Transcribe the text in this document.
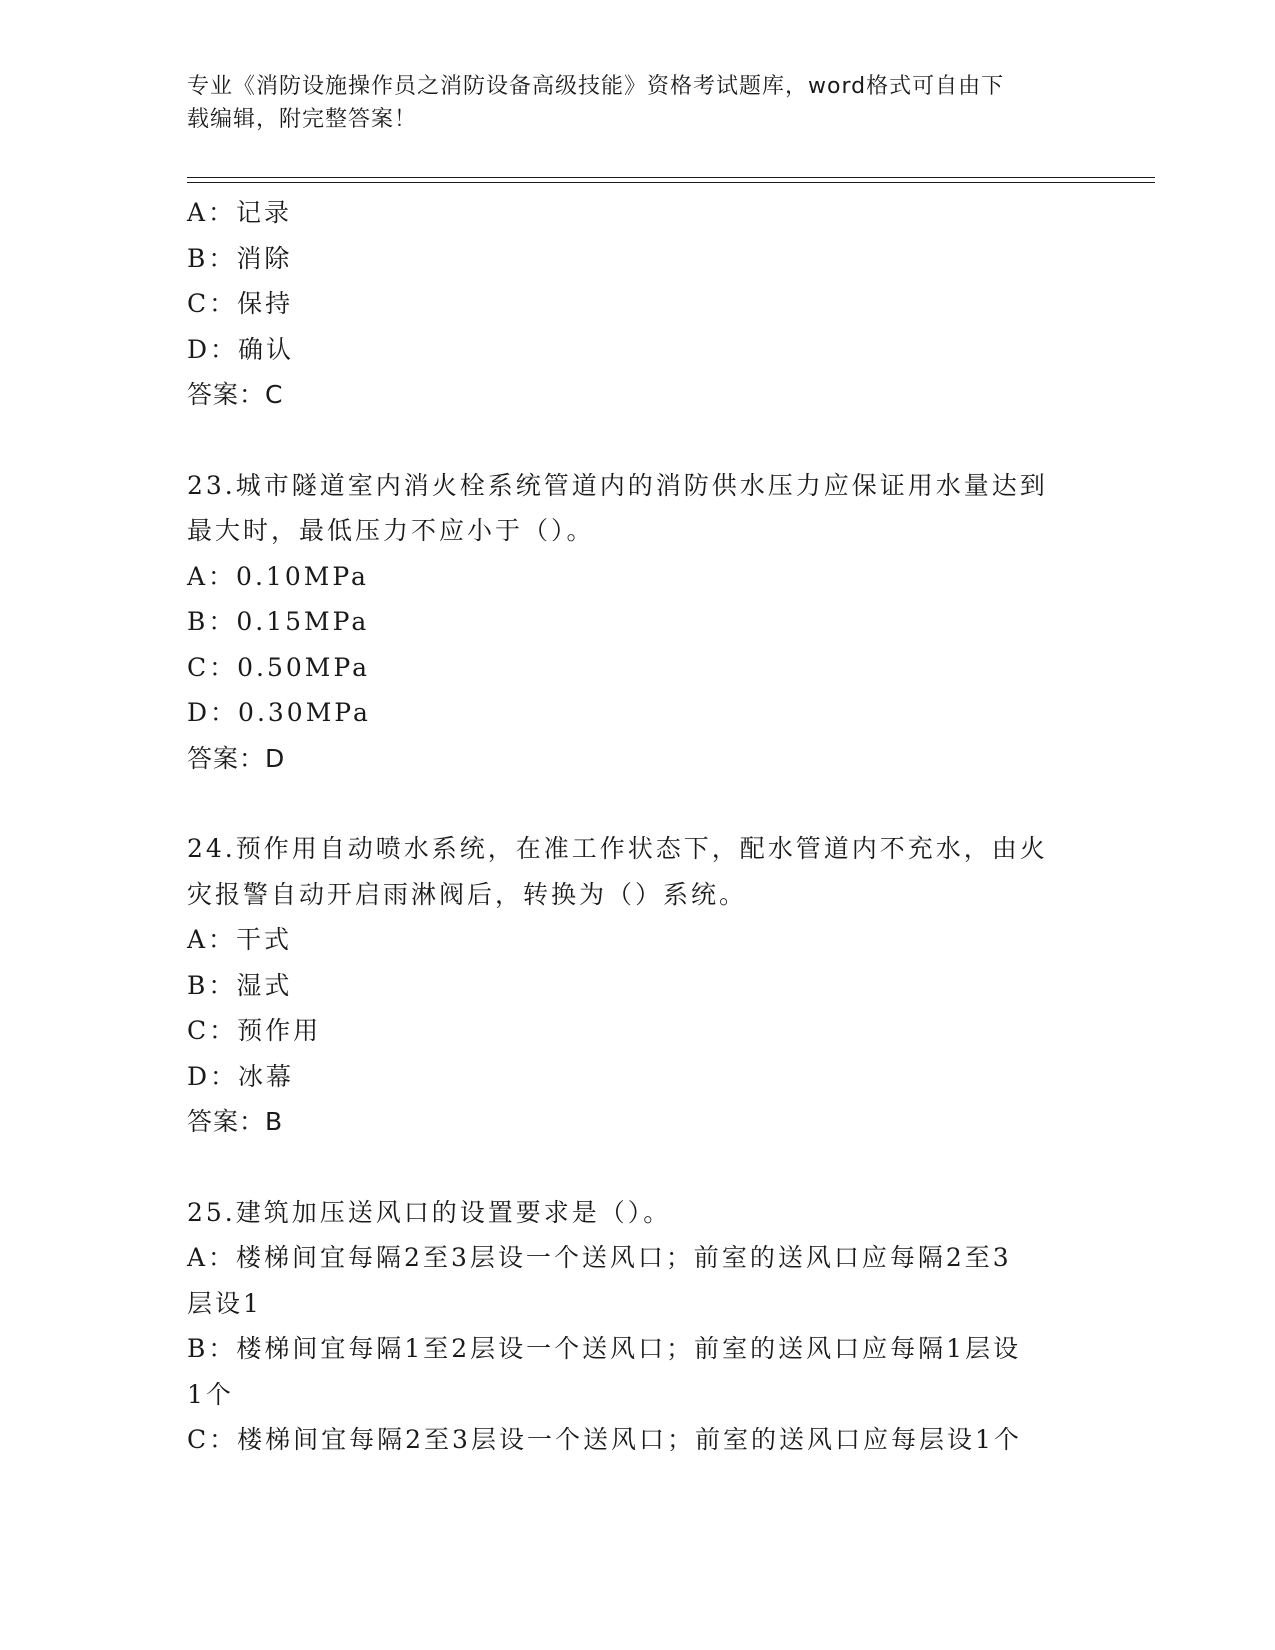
专业《消防设施操作员之消防设备高级技能》资格考试题库，word格式可自由下
载编辑，附完整答案！
A：记录
B：消除
C：保持
D：确认
答案：C
23.城市隧道室内消火栓系统管道内的消防供水压力应保证用水量达到
最大时，最低压力不应小于（）。
A：0.10MPa
B：0.15MPa
C：0.50MPa
D：0.30MPa
答案：D
24.预作用自动喷水系统，在准工作状态下，配水管道内不充水，由火
灾报警自动开启雨淋阀后，转换为（）系统。
A：干式
B：湿式
C：预作用
D：冰幕
答案：B
25.建筑加压送风口的设置要求是（）。
A：楼梯间宜每隔2至3层设一个送风口；前室的送风口应每隔2至3
层设1
B：楼梯间宜每隔1至2层设一个送风口；前室的送风口应每隔1层设
1个
C：楼梯间宜每隔2至3层设一个送风口；前室的送风口应每层设1个
